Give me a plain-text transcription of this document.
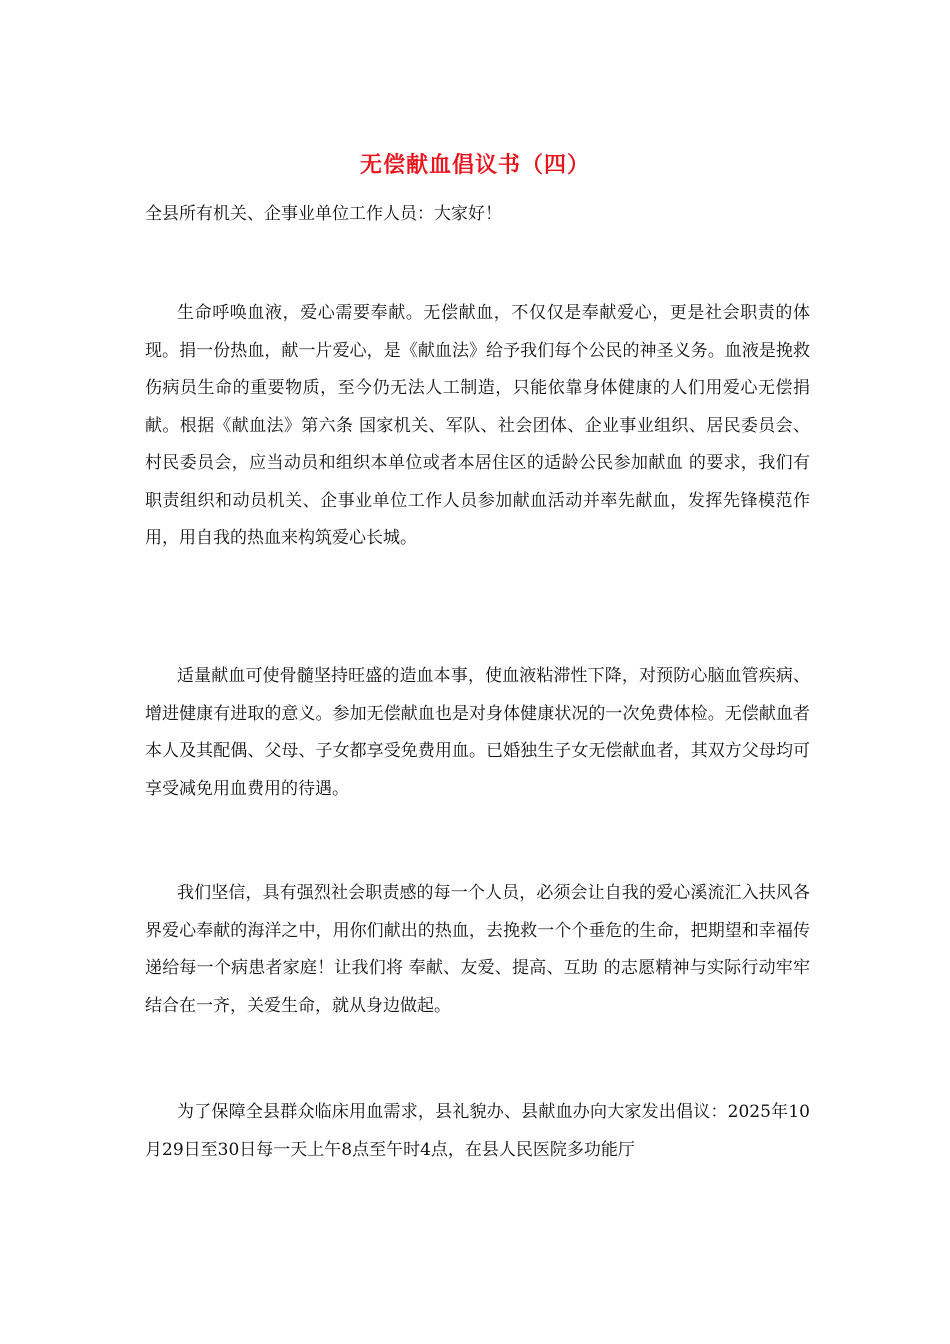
无偿献血倡议书（四）
全县所有机关、企事业单位工作人员：大家好！

生命呼唤血液，爱心需要奉献。无偿献血，不仅仅是奉献爱心，更是社会职责的体现。捐一份热血，献一片爱心，是《献血法》给予我们每个公民的神圣义务。血液是挽救伤病员生命的重要物质，至今仍无法人工制造，只能依靠身体健康的人们用爱心无偿捐献。根据《献血法》第六条 国家机关、军队、社会团体、企业事业组织、居民委员会、村民委员会，应当动员和组织本单位或者本居住区的适龄公民参加献血 的要求，我们有职责组织和动员机关、企事业单位工作人员参加献血活动并率先献血，发挥先锋模范作用，用自我的热血来构筑爱心长城。

适量献血可使骨髓坚持旺盛的造血本事，使血液粘滞性下降，对预防心脑血管疾病、增进健康有进取的意义。参加无偿献血也是对身体健康状况的一次免费体检。无偿献血者本人及其配偶、父母、子女都享受免费用血。已婚独生子女无偿献血者，其双方父母均可享受减免用血费用的待遇。

我们坚信，具有强烈社会职责感的每一个人员，必须会让自我的爱心溪流汇入扶风各界爱心奉献的海洋之中，用你们献出的热血，去挽救一个个垂危的生命，把期望和幸福传递给每一个病患者家庭！让我们将 奉献、友爱、提高、互助 的志愿精神与实际行动牢牢结合在一齐，关爱生命，就从身边做起。

为了保障全县群众临床用血需求，县礼貌办、县献血办向大家发出倡议：2025年10月29日至30日每一天上午8点至午时4点，在县人民医院多功能厅
